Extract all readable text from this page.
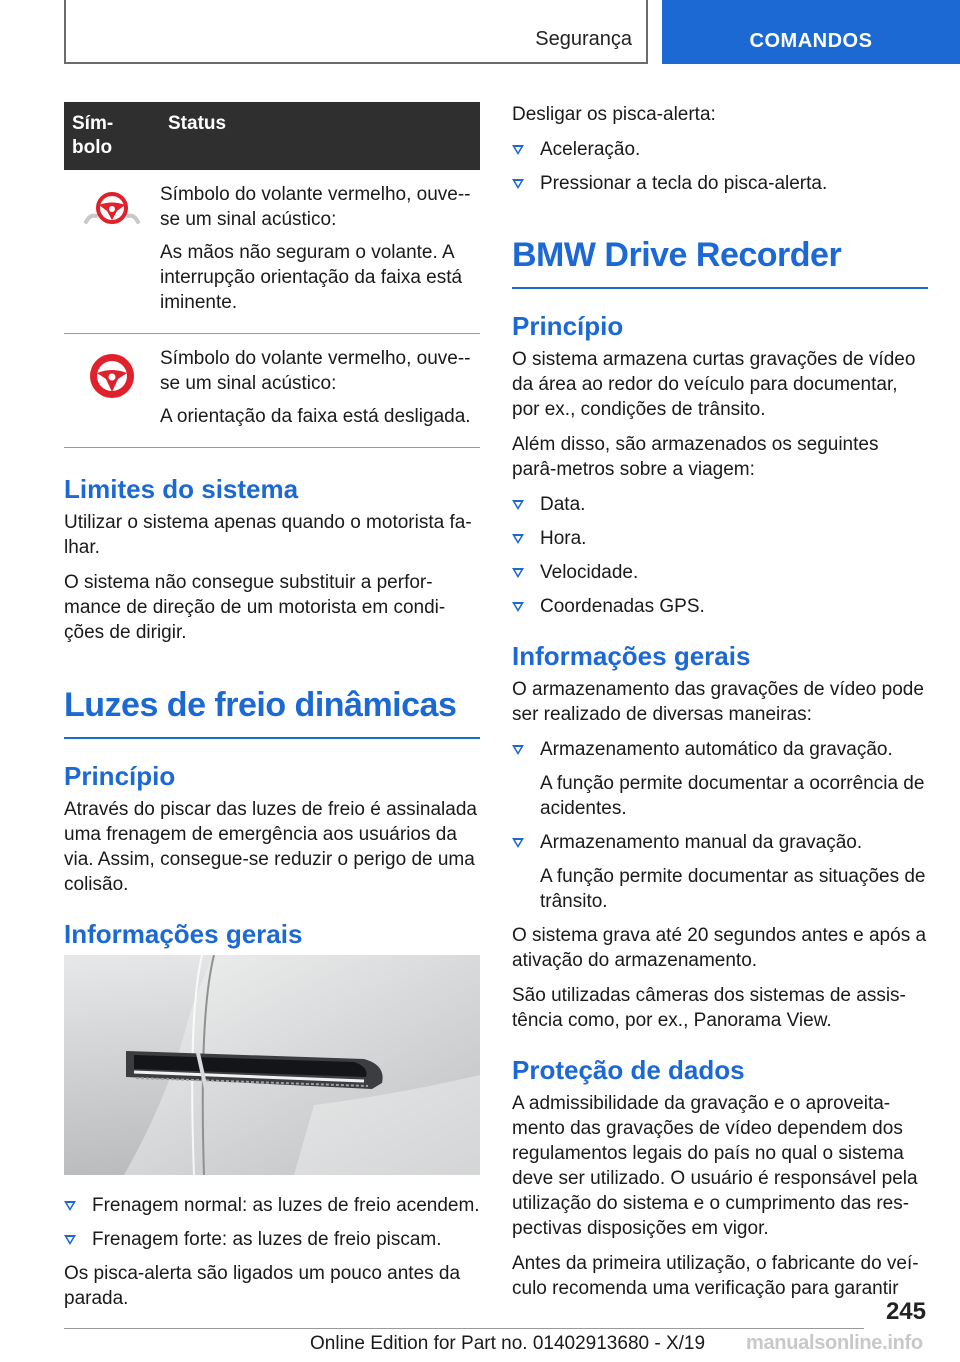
Segurança	COMANDOS
Sím-
bolo	Status

Símbolo do volante vermelho, ouve--se um sinal acústico:

As mãos não seguram o volante. A interrupção orientação da faixa está iminente.

Símbolo do volante vermelho, ouve--se um sinal acústico:

A orientação da faixa está desligada.

Limites do sistema

Utilizar o sistema apenas quando o motorista fa-lhar.

O sistema não consegue substituir a perfor-mance de direção de um motorista em condi-ções de dirigir.

Luzes de freio dinâmicas
Princípio

Através do piscar das luzes de freio é assinalada uma frenagem de emergência aos usuários da via. Assim, consegue-se reduzir o perigo de uma colisão.

Informações gerais
Frenagem normal: as luzes de freio acendem.
Frenagem forte: as luzes de freio piscam.

Os pisca-alerta são ligados um pouco antes da parada.

Desligar os pisca-alerta:

Aceleração.
Pressionar a tecla do pisca-alerta.
BMW Drive Recorder
Princípio

O sistema armazena curtas gravações de vídeo da área ao redor do veículo para documentar, por ex., condições de trânsito.

Além disso, são armazenados os seguintes parâ-metros sobre a viagem:

Data.
Hora.
Velocidade.
Coordenadas GPS.
Informações gerais

O armazenamento das gravações de vídeo pode ser realizado de diversas maneiras:

Armazenamento automático da gravação.
A função permite documentar a ocorrência de acidentes.
Armazenamento manual da gravação.
A função permite documentar as situações de trânsito.

O sistema grava até 20 segundos antes e após a ativação do armazenamento.

São utilizadas câmeras dos sistemas de assis-tência como, por ex., Panorama View.

Proteção de dados

A admissibilidade da gravação e o aproveita-mento das gravações de vídeo dependem dos regulamentos legais do país no qual o sistema deve ser utilizado. O usuário é responsável pela utilização do sistema e o cumprimento das res-pectivas disposições em vigor.

Antes da primeira utilização, o fabricante do veí-culo recomenda uma verificação para garantir

245
Online Edition for Part no. 01402913680 - X/19 manualsonline.info
